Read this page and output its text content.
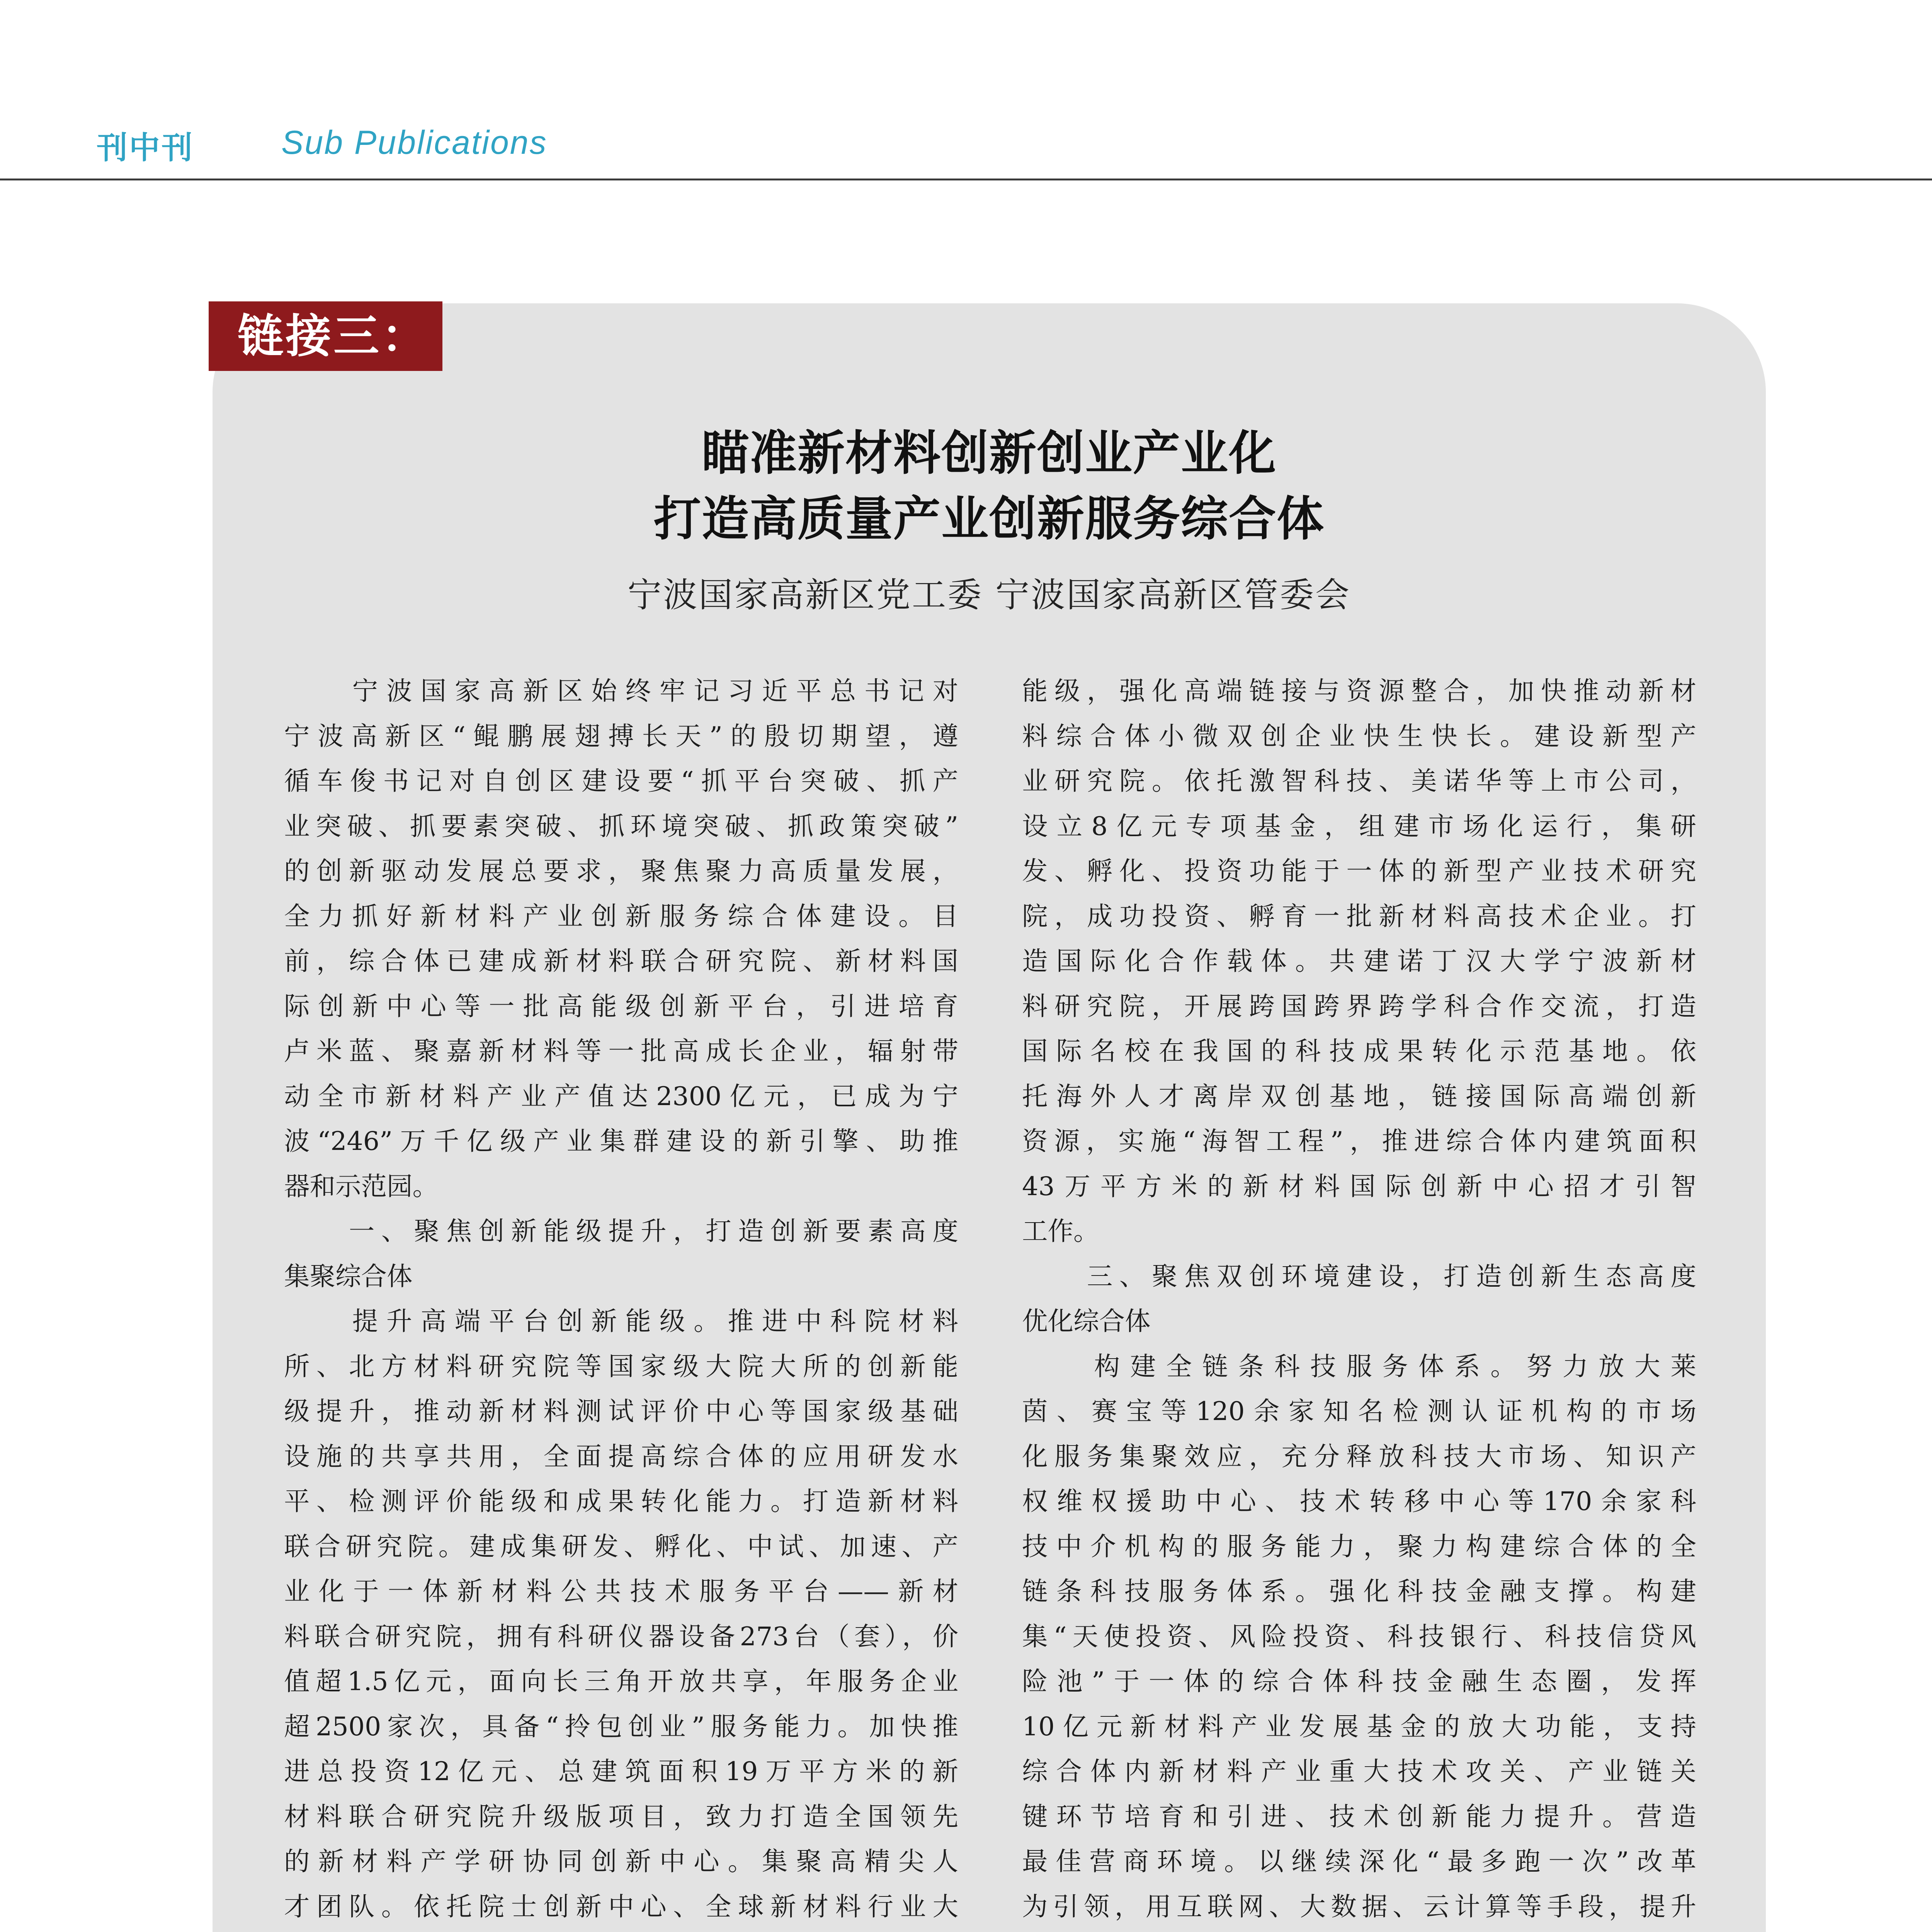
刊中刊	Sub Publications
链接三：
瞄准新材料创新创业产业化
打造高质量产业创新服务综合体
宁波国家高新区党工委 宁波国家高新区管委会
　　宁波国家高新区始终牢记习近平总书记对
宁波高新区“鲲鹏展翅搏长天”的殷切期望，遵
循车俊书记对自创区建设要“抓平台突破、抓产
业突破、抓要素突破、抓环境突破、抓政策突破”
的创新驱动发展总要求，聚焦聚力高质量发展，
全力抓好新材料产业创新服务综合体建设。目
前，综合体已建成新材料联合研究院、新材料国
际创新中心等一批高能级创新平台，引进培育
卢米蓝、聚嘉新材料等一批高成长企业，辐射带
动全市新材料产业产值达2300亿元，已成为宁
波“246”万千亿级产业集群建设的新引擎、助推
器和示范园。
　　一、聚焦创新能级提升，打造创新要素高度
集聚综合体
　　提升高端平台创新能级。推进中科院材料
所、北方材料研究院等国家级大院大所的创新能
级提升，推动新材料测试评价中心等国家级基础
设施的共享共用，全面提高综合体的应用研发水
平、检测评价能级和成果转化能力。打造新材料
联合研究院。建成集研发、孵化、中试、加速、产
业化于一体新材料公共技术服务平台——新材
料联合研究院，拥有科研仪器设备273台（套），价
值超1.5亿元，面向长三角开放共享，年服务企业
超2500家次，具备“拎包创业”服务能力。加快推
进总投资12亿元、总建筑面积19万平方米的新
材料联合研究院升级版项目，致力打造全国领先
的新材料产学研协同创新中心。集聚高精尖人
才团队。依托院士创新中心、全球新材料行业大
能级，强化高端链接与资源整合，加快推动新材
料综合体小微双创企业快生快长。建设新型产
业研究院。依托激智科技、美诺华等上市公司，
设立8亿元专项基金，组建市场化运行，集研
发、孵化、投资功能于一体的新型产业技术研究
院，成功投资、孵育一批新材料高技术企业。打
造国际化合作载体。共建诺丁汉大学宁波新材
料研究院，开展跨国跨界跨学科合作交流，打造
国际名校在我国的科技成果转化示范基地。依
托海外人才离岸双创基地，链接国际高端创新
资源，实施“海智工程”，推进综合体内建筑面积
43万平方米的新材料国际创新中心招才引智
工作。
　　三、聚焦双创环境建设，打造创新生态高度
优化综合体
　　构建全链条科技服务体系。努力放大莱
茵、赛宝等120余家知名检测认证机构的市场
化服务集聚效应，充分释放科技大市场、知识产
权维权援助中心、技术转移中心等170余家科
技中介机构的服务能力，聚力构建综合体的全
链条科技服务体系。强化科技金融支撑。构建
集“天使投资、风险投资、科技银行、科技信贷风
险池”于一体的综合体科技金融生态圈，发挥
10亿元新材料产业发展基金的放大功能，支持
综合体内新材料产业重大技术攻关、产业链关
键环节培育和引进、技术创新能力提升。营造
最佳营商环境。以继续深化“最多跑一次”改革
为引领，用互联网、大数据、云计算等手段，提升
